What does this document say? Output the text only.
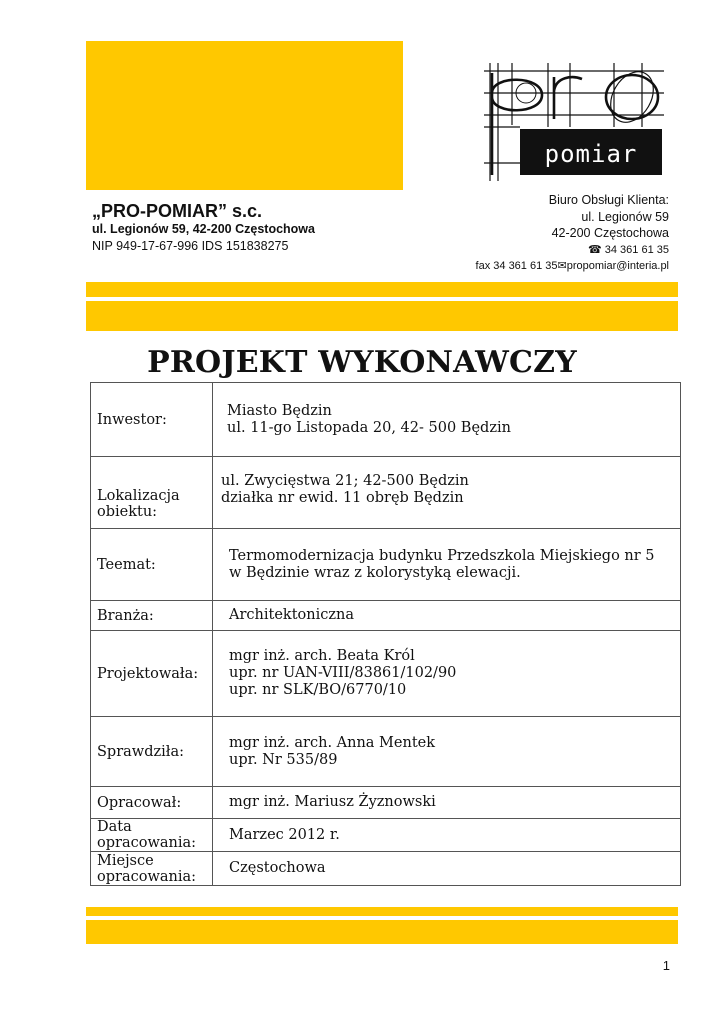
„PRO-POMIAR” s.c.
ul. Legionów 59, 42-200 Częstochowa
NIP 949-17-67-996 IDS 151838275
pomiar
Biuro Obsługi Klienta:
ul. Legionów 59
42-200 Częstochowa
☎ 34 361 61 35
fax 34 361 61 35✉propomiar@interia.pl
PROJEKT WYKONAWCZY
Inwestor:	Miasto Będzin
ul. 11-go Listopada 20, 42- 500 Będzin

Lokalizacja obiektu:	ul. Zwycięstwa 21; 42-500 Będzin
działka nr ewid. 11 obręb Będzin

Teemat:	Termomodernizacja budynku Przedszkola Miejskiego nr 5
w Będzinie wraz z kolorystyką elewacji.

Branża:	Architektoniczna

Projektowała:	mgr inż. arch. Beata Król
upr. nr UAN-VIII/83861/102/90
upr. nr SLK/BO/6770/10

Sprawdziła:	mgr inż. arch. Anna Mentek
upr. Nr 535/89

Opracował:	mgr inż. Mariusz Żyznowski

Data opracowania:	Marzec 2012 r.

Miejsce opracowania:	Częstochowa
1
